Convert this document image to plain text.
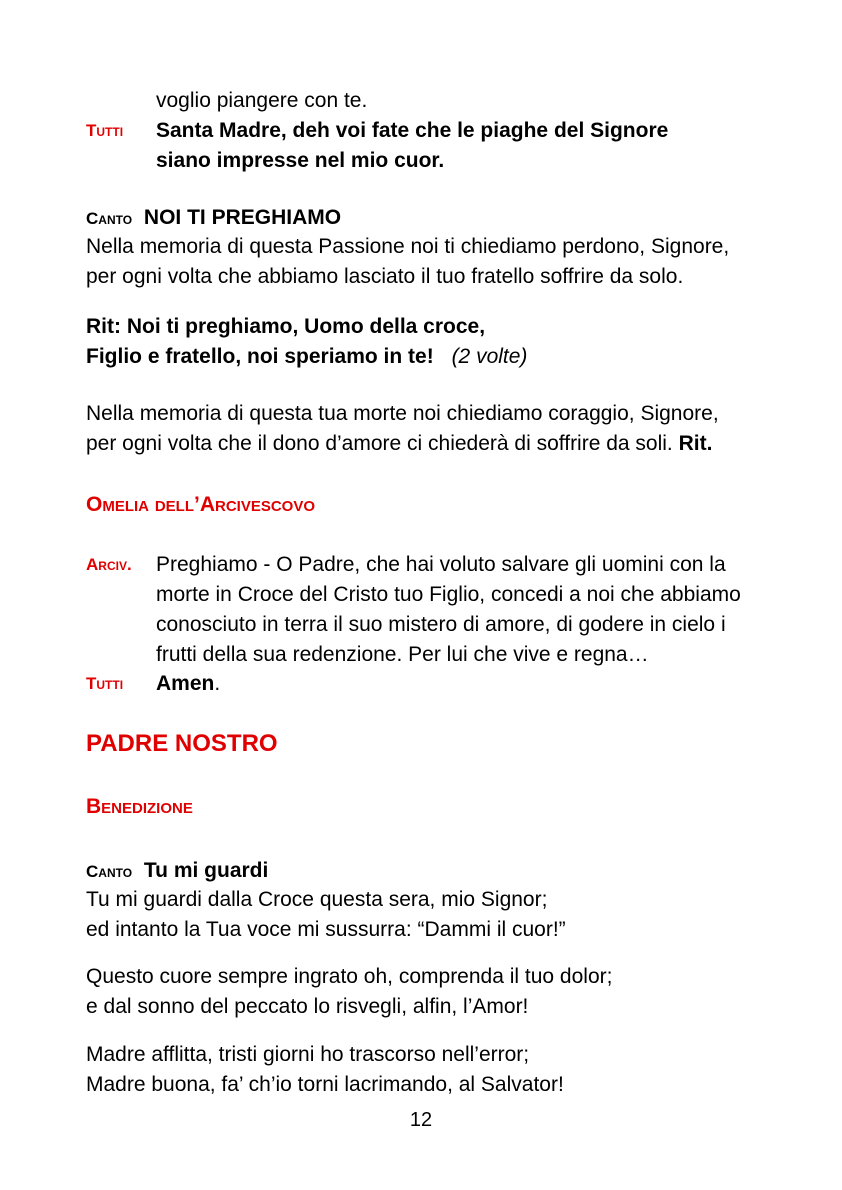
voglio piangere con te.
Tutti Santa Madre, deh voi fate che le piaghe del Signore
siano impresse nel mio cuor.
Canto NOI TI PREGHIAMO
Nella memoria di questa Passione noi ti chiediamo perdono, Signore,
per ogni volta che abbiamo lasciato il tuo fratello soffrire da solo.
Rit: Noi ti preghiamo, Uomo della croce,
Figlio e fratello, noi speriamo in te! (2 volte)
Nella memoria di questa tua morte noi chiediamo coraggio, Signore,
per ogni volta che il dono d’amore ci chiederà di soffrire da soli. Rit.
Omelia dell’Arcivescovo
Arciv. Preghiamo - O Padre, che hai voluto salvare gli uomini con la
morte in Croce del Cristo tuo Figlio, concedi a noi che abbiamo
conosciuto in terra il suo mistero di amore, di godere in cielo i
frutti della sua redenzione. Per lui che vive e regna…
Tutti Amen.
PADRE NOSTRO
Benedizione
Canto Tu mi guardi
Tu mi guardi dalla Croce questa sera, mio Signor;
ed intanto la Tua voce mi sussurra: “Dammi il cuor!”
Questo cuore sempre ingrato oh, comprenda il tuo dolor;
e dal sonno del peccato lo risvegli, alfin, l’Amor!
Madre afflitta, tristi giorni ho trascorso nell’error;
Madre buona, fa’ ch’io torni lacrimando, al Salvator!
12
